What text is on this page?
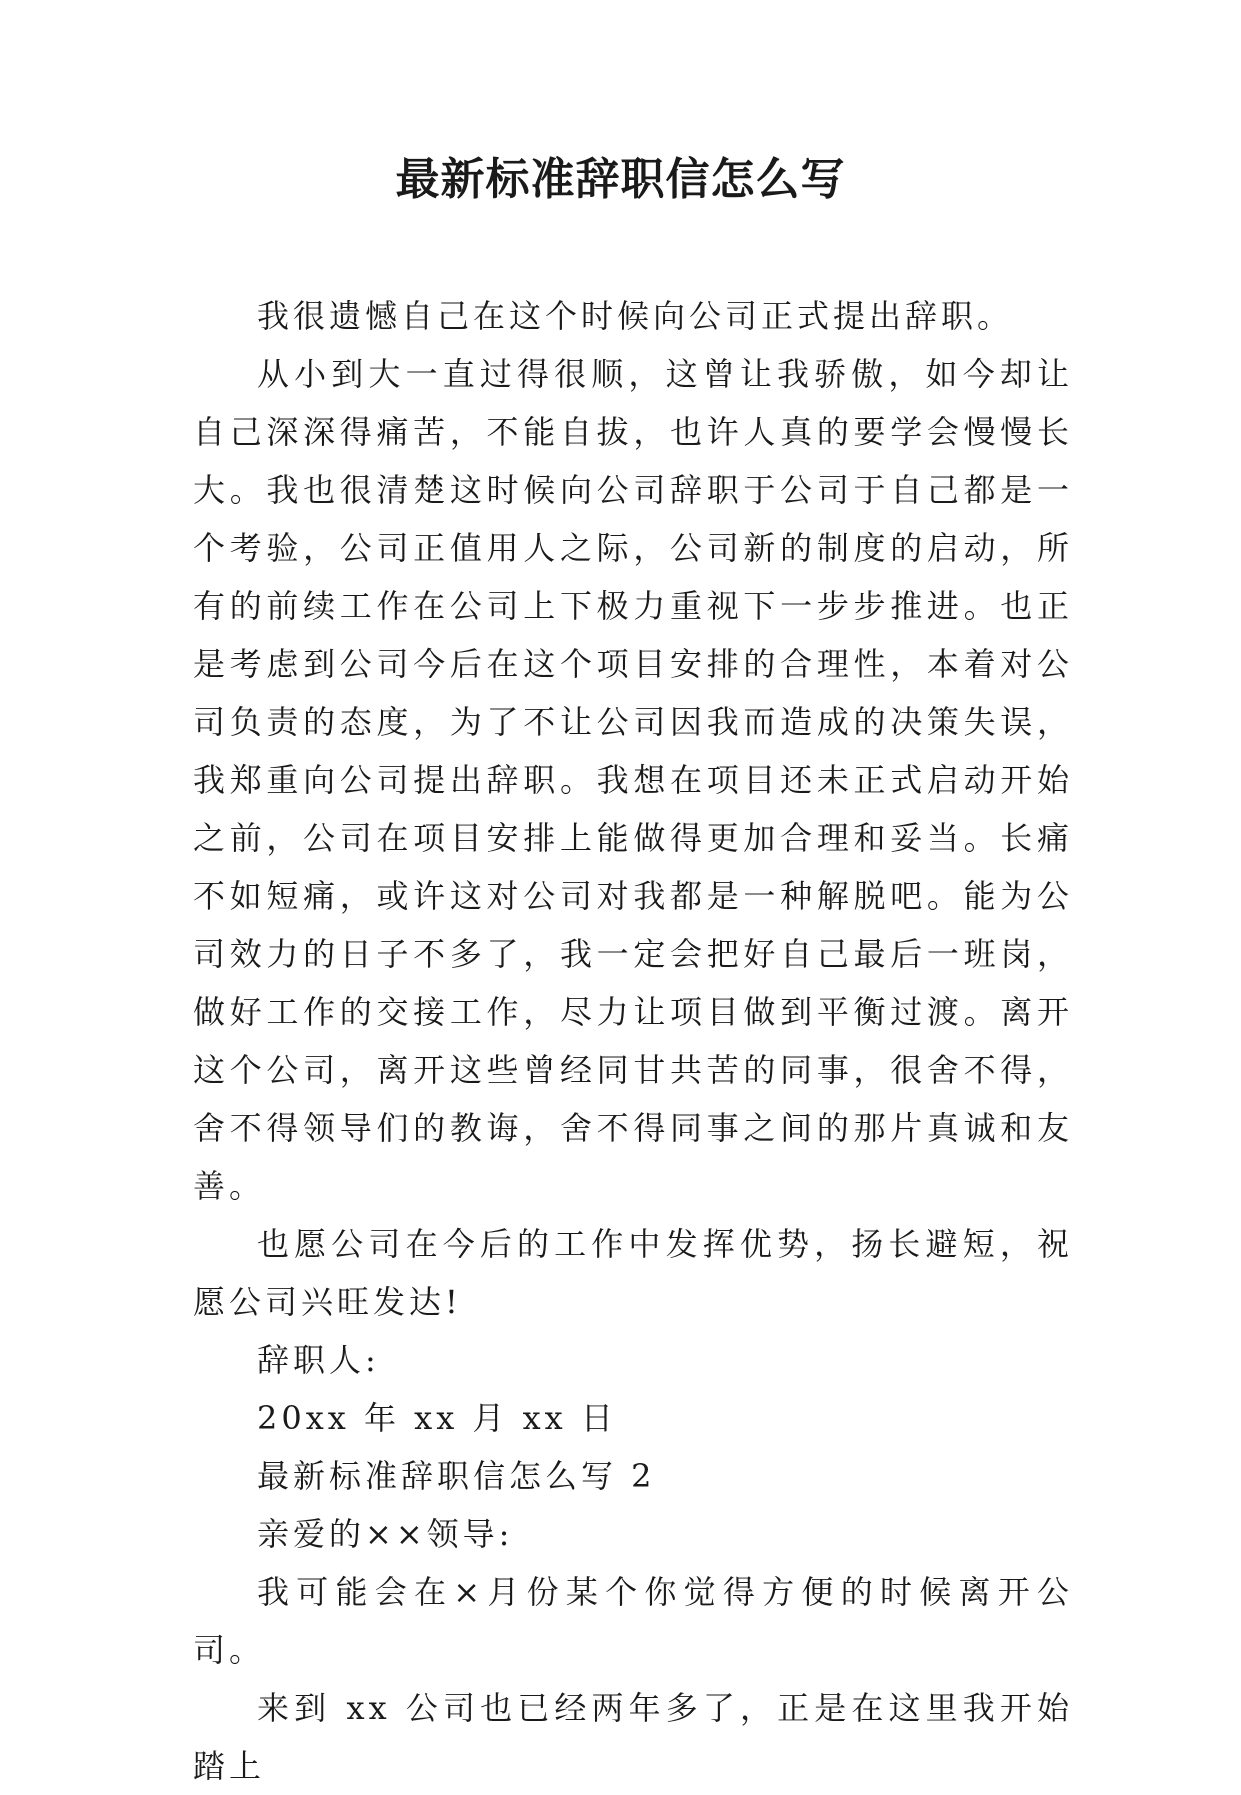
最新标准辞职信怎么写

我很遗憾自己在这个时候向公司正式提出辞职。

从小到大一直过得很顺，这曾让我骄傲，如今却让自己深深得痛苦，不能自拔，也许人真的要学会慢慢长大。我也很清楚这时候向公司辞职于公司于自己都是一个考验，公司正值用人之际，公司新的制度的启动，所有的前续工作在公司上下极力重视下一步步推进。也正是考虑到公司今后在这个项目安排的合理性，本着对公司负责的态度，为了不让公司因我而造成的决策失误，我郑重向公司提出辞职。我想在项目还未正式启动开始之前，公司在项目安排上能做得更加合理和妥当。长痛不如短痛，或许这对公司对我都是一种解脱吧。能为公司效力的日子不多了，我一定会把好自己最后一班岗，做好工作的交接工作，尽力让项目做到平衡过渡。离开这个公司，离开这些曾经同甘共苦的同事，很舍不得，舍不得领导们的教诲，舍不得同事之间的那片真诚和友善。

也愿公司在今后的工作中发挥优势，扬长避短，祝愿公司兴旺发达!

辞职人:

20xx 年 xx 月 xx 日

最新标准辞职信怎么写 2

亲爱的××领导:

我可能会在×月份某个你觉得方便的时候离开公司。

来到 xx 公司也已经两年多了，正是在这里我开始踏上
